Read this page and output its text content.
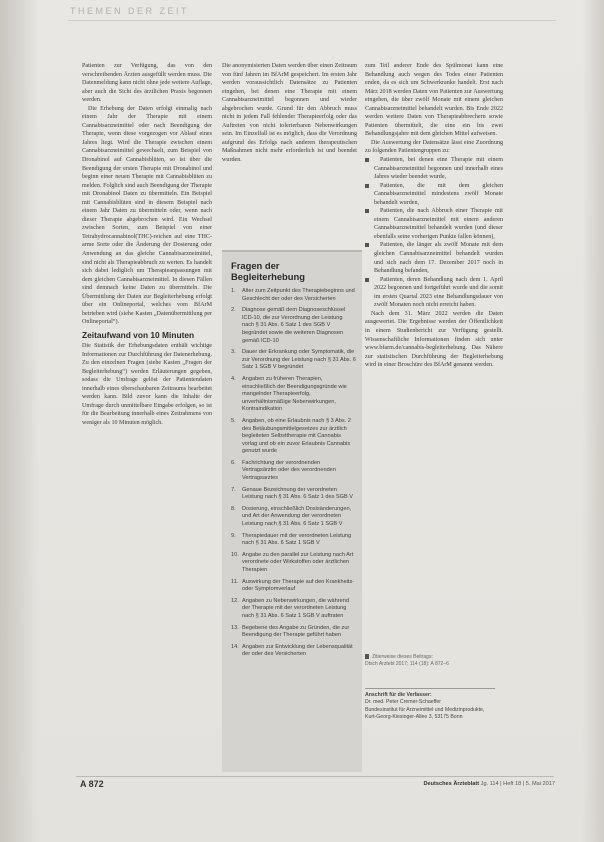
THEMEN DER ZEIT

Patienten zur Verfügung, das von den verschreibenden Ärzten ausgefüllt werden muss. Die Datenmeldung kann nicht ohne jede weitere Auflage, aber auch die Sicht des ärztlichen Praxis begonnen werden.

Die Erhebung der Daten erfolgt einmalig nach einem Jahr der Therapie mit einem Cannabisarzneimittel oder nach Beendigung der Therapie, wenn diese vorgezogen vor Ablauf eines Jahres liegt. Wird die Therapie zwischen einem Cannabisarzneimittel gewechselt, zum Beispiel von Dronabinol auf Cannabisblüten, so ist über die Beendigung der ersten Therapie mit Dronabinol und beginn einer neuen Therapie mit Cannabisblüten zu melden. Folglich sind auch Beendigung der Therapie mit Dronabinol Daten zu übermitteln. Ein Beispiel mit Cannabisblüten sind in diesem Beispiel nach einem Jahr Daten zu übermitteln oder, wenn nach dieser Therapie abgebrochen wird. Ein Wechsel zwischen Sorten, zum Beispiel von einer Tetrahydrocannabinol(THC)-reichen auf eine THC-arme Sorte oder die Änderung der Dosierung oder Anwendung an das gleiche Cannabisarzneimittel, sind nicht als Therapieabbruch zu werten. Es handelt sich dabei lediglich um Therapieanpassungen mit dem gleichen Cannabisarzneimittel. In diesen Fällen sind demnach keine Daten zu übermitteln. Die Übermittlung der Daten zur Begleiterhebung erfolgt über ein Onlineportal, welches vom BfArM betrieben wird (siehe Kasten „Datenübermittlung per Onlineportal“).

Zeitaufwand von 10 Minuten

Die Statistik der Erhebungsdaten enthält wichtige Informationen zur Durchführung der Datenerhebung. Zu den einzelnen Fragen (siehe Kasten „Fragen der Begleiterhebung“) werden Erläuterungen gegeben, sodass die Umfrage gelöst der Patientendaten innerhalb eines überschaubaren Zeitraums bearbeitet werden kann. Bild zuvor kann die Inhalte der Umfrage durch unmittelbare Eingabe erfolgen, so ist für die Bearbeitung innerhalb eines Zeitrahmens von weniger als 10 Minuten möglich.

Die anonymisierten Daten werden über einen Zeitraum von fünf Jahren im BfArM gespeichert. Im ersten Jahr werden voraussichtlich Datensätze zu Patienten eingehen, bei denen eine Therapie mit einem Cannabisarzneimittel begonnen und wieder abgebrochen wurde. Grund für den Abbruch muss nicht in jedem Fall fehlender Therapieerfolg oder das Auftreten von nicht tolerierbaren Nebenwirkungen sein. Im Einzelfall ist es möglich, dass die Verordnung aufgrund des Erfolgs nach anderen therapeutischen Maßnahmen nicht mehr erforderlich ist und beendet wurden.

Fragen der Begleiterhebung
1. Alter zum Zeitpunkt des Therapiebeginns und Geschlecht der oder des Versicherten
2. Diagnose gemäß dem Diagnoseschlüssel ICD-10, die zur Verordnung der Leistung nach § 31 Abs. 6 Satz 1 des SGB V begründet sowie die weiteren Diagnosen gemäß ICD-10
3. Dauer der Erkrankung oder Symptomatik, die zur Verordnung der Leistung nach § 31 Abs. 6 Satz 1 SGB V begründet
4. Angaben zu früheren Therapien, einschließlich der Beendigungsgründe wie mangelnder Therapieerfolg, unverhältnismäßige Nebenwirkungen, Kontraindikation
5. Angaben, ob eine Erlaubnis nach § 3 Abs. 2 des Betäubungsmittelgesetzes zur ärztlich begleiteten Selbsttherapie mit Cannabis vorlag und ob ein zuvor Erlaubnis Cannabis genutzt wurde
6. Fachrichtung der verordnenden Vertragsärztin oder des verordnenden Vertragsarztes
7. Genaue Bezeichnung der verordneten Leistung nach § 31 Abs. 6 Satz 1 des SGB V
8. Dosierung, einschließlich Dosisänderungen, und Art der Anwendung der verordneten Leistung nach § 31 Abs. 6 Satz 1 SGB V
9. Therapiedauer mit der verordneten Leistung nach § 31 Abs. 6 Satz 1 SGB V
10. Angabe zu den parallel zur Leistung nach Art verordnete oder Wirkstoffen oder ärztlichen Therapien
11. Auswirkung der Therapie auf den Krankheits- oder Symptomverlauf
12. Angaben zu Nebenwirkungen, die während der Therapie mit der verordneten Leistung nach § 31 Abs. 6 Satz 1 SGB V auftraten
13. Begebene des Angabe zu Gründen, die zur Beendigung der Therapie geführt haben
14. Angaben zur Entwicklung der Lebensqualität der oder des Versicherten

zum Teil anderer Ende des Spülmonat kann eine Behandlung auch wegen des Todes einer Patienten enden, da es sich um Schwerkranke handelt. Erst nach März 2018 werden Daten von Patienten zur Auswertung eingehen, die über zwölf Monate mit einem gleichen Cannabisarzneimittel behandelt wurden. Bis Ende 2022 werden weitere Daten von Therapieabbrechern sowie Patienten übermittelt, die eine ein bis zwei Behandlungsjahre mit dem gleichen Mittel aufweisen.

Die Auswertung der Datensätze lässt eine Zuordnung zu folgenden Patientengruppen zu:

Patienten, bei denen eine Therapie mit einem Cannabisarzneimittel begonnen und innerhalb eines Jahres wieder beendet wurde,

Patienten, die mit dem gleichen Cannabisarzneimittel mindestens zwölf Monate behandelt wurden,

Patienten, die nach Abbruch einer Therapie mit einem Cannabisarzneimittel mit einem anderen Cannabisarzneimittel behandelt wurden (und dieser ebenfalls seine vorherigen Punkte fallen können),

Patienten, die länger als zwölf Monate mit dem gleichen Cannabisarzneimittel behandelt wurden und sich nach dem 17. Dezember 2017 noch in Behandlung befanden,

Patienten, deren Behandlung nach dem 1. April 2022 begonnen und fortgeführt wurde und die somit im ersten Quartal 2023 eine Behandlungsdauer von zwölf Monaten noch nicht erreicht haben.

Nach dem 31. März 2022 werden die Daten ausgewertet. Die Ergebnisse werden der Öffentlichkeit in einem Studienbericht zur Verfügung gestellt. Wissenschaftliche Informationen finden sich unter www.bfarm.de/cannabis-begleiterhebung. Das Nähere zur statistischen Durchführung der Begleiterhebung wird in einer Broschüre des BfArM genannt werden.

Zitierweise dieses Beitrags:
Dtsch Arztebl 2017; 114 (18): A 872–6
Anschrift für die Verfasser:
Dr. med. Peter Cremer-Schaeffer
Bundesinstitut für Arzneimittel und Medizinprodukte,
Kurt-Georg-Kiesinger-Allee 3, 53175 Bonn
A 872	Deutsches Ärzteblatt Jg. 114 | Heft 18 | 5. Mai 2017
